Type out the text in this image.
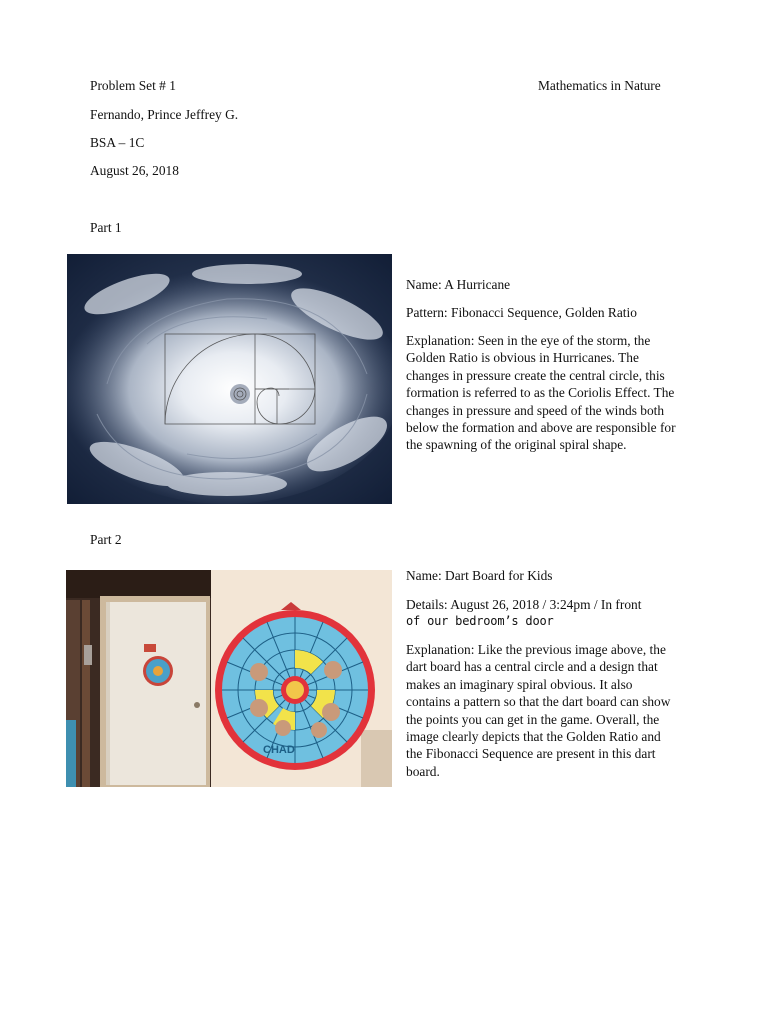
Problem Set # 1	Mathematics in Nature

Fernando, Prince Jeffrey G.

BSA – 1C

August 26, 2018

Part 1

Name: A Hurricane

Pattern: Fibonacci Sequence, Golden Ratio

Explanation: Seen in the eye of the storm, the Golden Ratio is obvious in Hurricanes. The changes in pressure create the central circle, this formation is referred to as the Coriolis Effect. The changes in pressure and speed of the winds both below the formation and above are responsible for the spawning of the original spiral shape.

Part 2

CHAD

Name: Dart Board for Kids

Details: August 26, 2018 / 3:24pm / In front

of our bedroom’s door

Explanation: Like the previous image above, the dart board has a central circle and a design that makes an imaginary spiral obvious. It also contains a pattern so that the dart board can show the points you can get in the game. Overall, the image clearly depicts that the Golden Ratio and the Fibonacci Sequence are present in this dart board.
